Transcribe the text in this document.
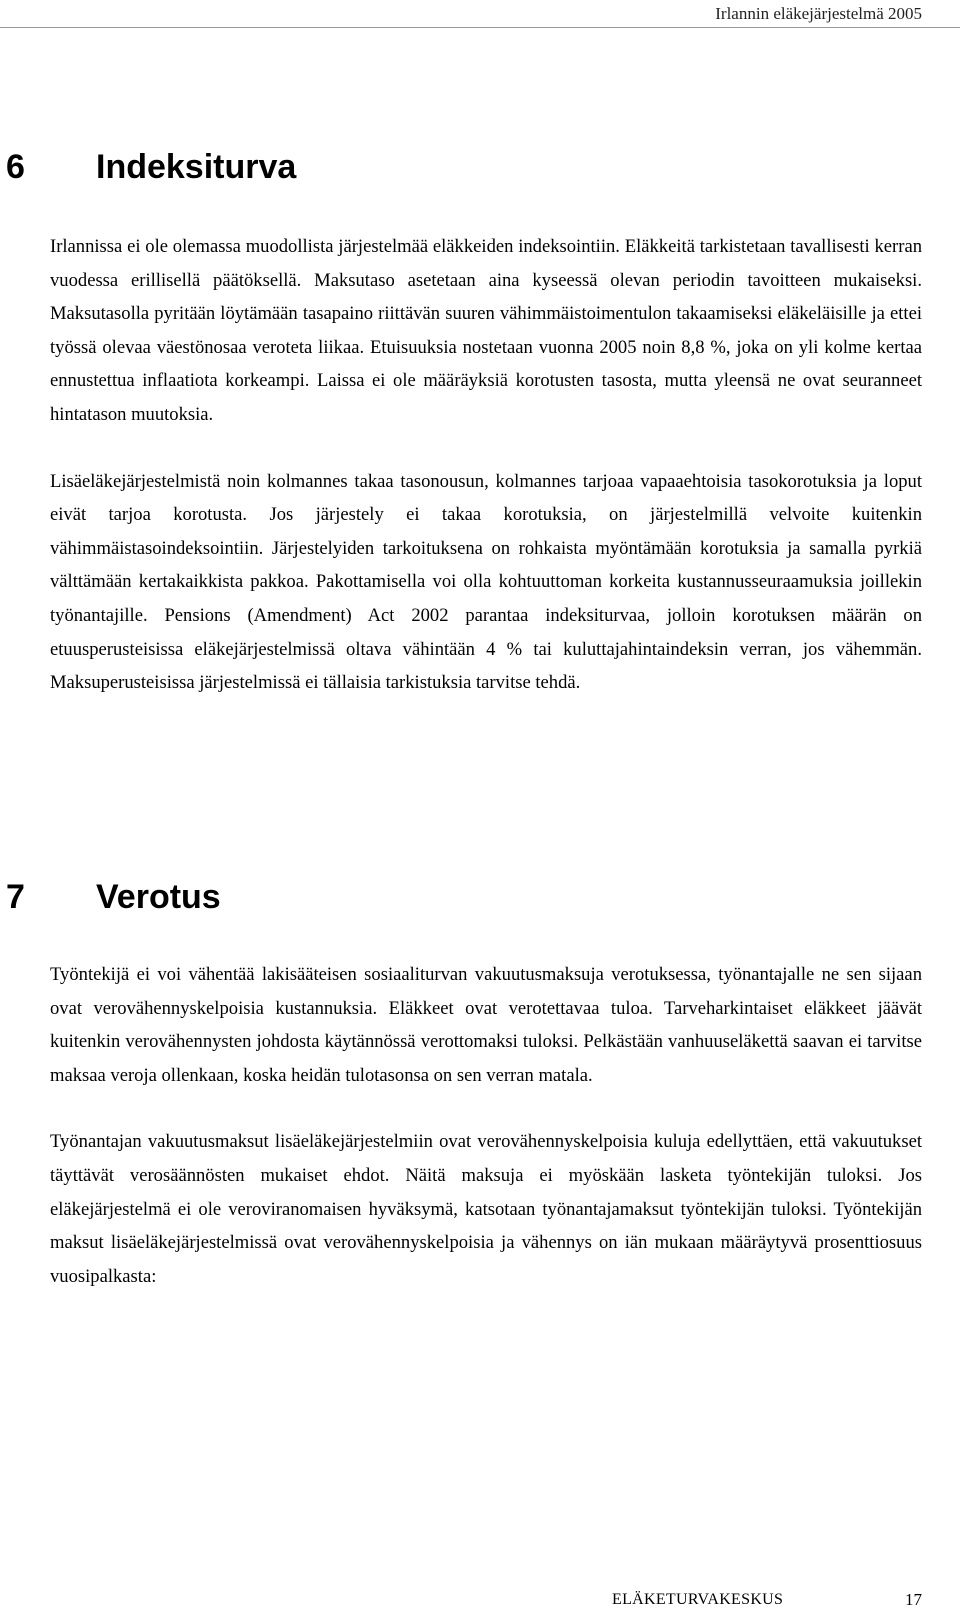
Irlannin eläkejärjestelmä 2005
6 Indeksiturva

Irlannissa ei ole olemassa muodollista järjestelmää eläkkeiden indeksointiin. Eläkkeitä tarkistetaan tavallisesti kerran vuodessa erillisellä päätöksellä. Maksutaso asetetaan aina kyseessä olevan periodin tavoitteen mukaiseksi. Maksutasolla pyritään löytämään tasapaino riittävän suuren vähimmäistoimentulon takaamiseksi eläkeläisille ja ettei työssä olevaa väestönosaa veroteta liikaa. Etuisuuksia nostetaan vuonna 2005 noin 8,8 %, joka on yli kolme kertaa ennustettua inflaatiota korkeampi. Laissa ei ole määräyksiä korotusten tasosta, mutta yleensä ne ovat seuranneet hintatason muutoksia.

Lisäeläkejärjestelmistä noin kolmannes takaa tasonousun, kolmannes tarjoaa vapaaehtoisia tasokorotuksia ja loput eivät tarjoa korotusta. Jos järjestely ei takaa korotuksia, on järjestelmillä velvoite kuitenkin vähimmäistasoindeksointiin. Järjestelyiden tarkoituksena on rohkaista myöntämään korotuksia ja samalla pyrkiä välttämään kertakaikkista pakkoa. Pakottamisella voi olla kohtuuttoman korkeita kustannusseuraamuksia joillekin työnantajille. Pensions (Amendment) Act 2002 parantaa indeksiturvaa, jolloin korotuksen määrän on etuusperusteisissa eläkejärjestelmissä oltava vähintään 4 % tai kuluttajahintaindeksin verran, jos vähemmän. Maksuperusteisissa järjestelmissä ei tällaisia tarkistuksia tarvitse tehdä.

7 Verotus

Työntekijä ei voi vähentää lakisääteisen sosiaaliturvan vakuutusmaksuja verotuksessa, työnantajalle ne sen sijaan ovat verovähennyskelpoisia kustannuksia. Eläkkeet ovat verotettavaa tuloa. Tarveharkintaiset eläkkeet jäävät kuitenkin verovähennysten johdosta käytännössä verottomaksi tuloksi. Pelkästään vanhuuseläkettä saavan ei tarvitse maksaa veroja ollenkaan, koska heidän tulotasonsa on sen verran matala.

Työnantajan vakuutusmaksut lisäeläkejärjestelmiin ovat verovähennyskelpoisia kuluja edellyttäen, että vakuutukset täyttävät verosäännösten mukaiset ehdot. Näitä maksuja ei myöskään lasketa työntekijän tuloksi. Jos eläkejärjestelmä ei ole veroviranomaisen hyväksymä, katsotaan työnantajamaksut työntekijän tuloksi. Työntekijän maksut lisäeläkejärjestelmissä ovat verovähennyskelpoisia ja vähennys on iän mukaan määräytyvä prosenttiosuus vuosipalkasta:

ELÄKETURVAKESKUS	17
